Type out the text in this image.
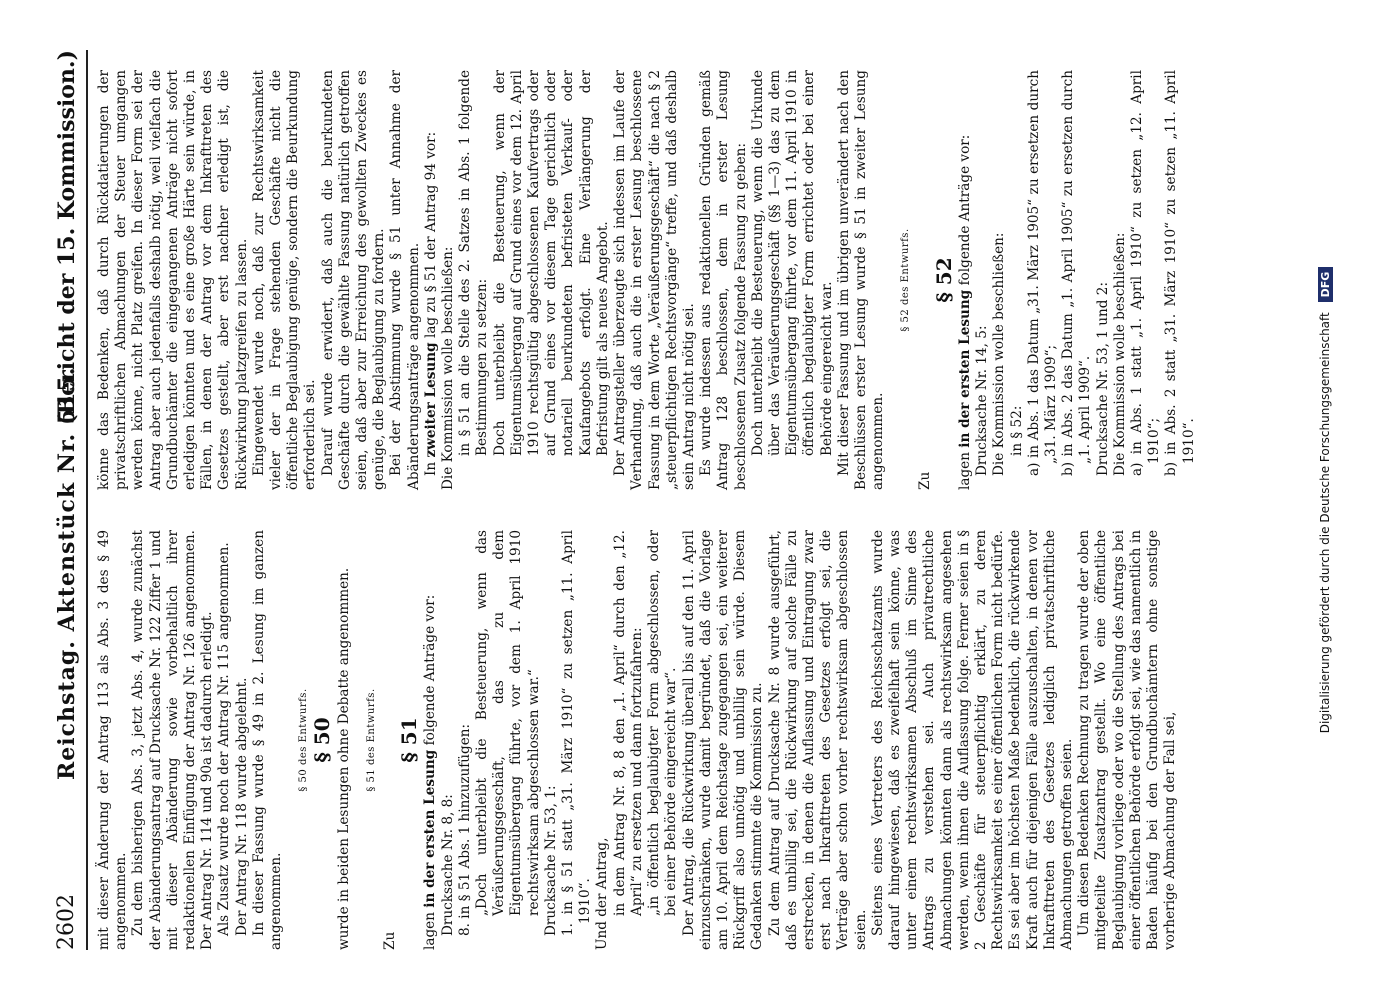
2602
Reichstag. Aktenstück Nr. 515.
(Bericht der 15. Kommission.)

mit dieser Änderung der Antrag 113 als Abs. 3 des § 49 angenommen. Zu dem bisherigen Abs. 3, jetzt Abs. 4, wurde zunächst der Abänderungsantrag auf Drucksache Nr. 122 Ziffer 1 und mit dieser Abänderung sowie vorbehaltlich ihrer redaktionellen Einfügung der Antrag Nr. 126 angenommen. Der Antrag Nr. 114 und 90a ist dadurch erledigt. Als Zusatz wurde noch der Antrag Nr. 115 angenommen. Der Antrag Nr. 118 wurde abgelehnt. In dieser Fassung wurde § 49 in 2. Lesung im ganzen angenommen.

§ 50 des Entwurfs. § 50 wurde in beiden Lesungen ohne Debatte angenommen.	§ 51 des Entwurfs.

Zu

§ 51

lagen in der ersten Lesung folgende Anträge vor:

Drucksache Nr. 8, 8: 8. in § 51 Abs. 1 hinzuzufügen: „Doch unterbleibt die Besteuerung, wenn das Veräußerungsgeschäft, das zu dem Eigentumsübergang führte, vor dem 1. April 1910 rechtswirksam abgeschlossen war.“ Drucksache Nr. 53, 1: 1. in § 51 statt „31. März 1910“ zu setzen „11. April 1910“. Und der Antrag, in dem Antrag Nr. 8, 8 den „1. April“ durch den „12. April“ zu ersetzen und dann fortzufahren: „in öffentlich beglaubigter Form abgeschlossen, oder bei einer Behörde eingereicht war“. Der Antrag, die Rückwirkung überall bis auf den 11. April einzuschränken, wurde damit begründet, daß die Vorlage am 10. April dem Reichstage zugegangen sei, ein weiterer Rückgriff also unnötig und unbillig sein würde. Diesem Gedanken stimmte die Kommission zu. Zu dem Antrag auf Drucksache Nr. 8 wurde ausgeführt, daß es unbillig sei, die Rückwirkung auf solche Fälle zu erstrecken, in denen die Auflassung und Eintragung zwar erst nach Inkrafttreten des Gesetzes erfolgt sei, die Verträge aber schon vorher rechtswirksam abgeschlossen seien. Seitens eines Vertreters des Reichsschatzamts wurde darauf hingewiesen, daß es zweifelhaft sein könne, was unter einem rechtswirksamen Abschluß im Sinne des Antrags zu verstehen sei. Auch privatrechtliche Abmachungen könnten dann als rechtswirksam angesehen werden, wenn ihnen die Auflassung folge. Ferner seien in § 2 Geschäfte für steuerpflichtig erklärt, zu deren Rechtswirksamkeit es einer öffentlichen Form nicht bedürfe. Es sei aber im höchsten Maße bedenklich, die rückwirkende Kraft auch für diejenigen Fälle auszuschalten, in denen vor Inkrafttreten des Gesetzes lediglich privatschriftliche Abmachungen getroffen seien. Um diesen Bedenken Rechnung zu tragen wurde der oben mitgeteilte Zusatzantrag gestellt. Wo eine öffentliche Beglaubigung vorliege oder wo die Stellung des Antrags bei einer öffentlichen Behörde erfolgt sei, wie das namentlich in Baden häufig bei den Grundbuchämtern ohne sonstige vorherige Abmachung der Fall sei,

könne das Bedenken, daß durch Rückdatierungen der privatschriftlichen Abmachungen der Steuer umgangen werden könne, nicht Platz greifen. In dieser Form sei der Antrag aber auch jedenfalls deshalb nötig, weil vielfach die Grundbuchämter die eingegangenen Anträge nicht sofort erledigen könnten und es eine große Härte sein würde, in Fällen, in denen der Antrag vor dem Inkrafttreten des Gesetzes gestellt, aber erst nachher erledigt ist, die Rückwirkung platzgreifen zu lassen. Eingewendet wurde noch, daß zur Rechtswirksamkeit vieler der in Frage stehenden Geschäfte nicht die öffentliche Beglaubigung genüge, sondern die Beurkundung erforderlich sei. Darauf wurde erwidert, daß auch die beurkundeten Geschäfte durch die gewählte Fassung natürlich getroffen seien, daß aber zur Erreichung des gewollten Zweckes es genüge, die Beglaubigung zu fordern. Bei der Abstimmung wurde § 51 unter Annahme der Abänderungsanträge angenommen. In zweiter Lesung lag zu § 51 der Antrag 94 vor:

Die Kommission wolle beschließen: in § 51 an die Stelle des 2. Satzes in Abs. 1 folgende Bestimmungen zu setzen: Doch unterbleibt die Besteuerung, wenn der Eigentumsübergang auf Grund eines vor dem 12. April 1910 rechtsgültig abgeschlossenen Kaufvertrags oder auf Grund eines vor diesem Tage gerichtlich oder notariell beurkundeten befristeten Verkauf- oder Kaufangebots erfolgt. Eine Verlängerung der Befristung gilt als neues Angebot. Der Antragsteller überzeugte sich indessen im Laufe der Verhandlung, daß auch die in erster Lesung beschlossene Fassung in dem Worte „Veräußerungsgeschäft“ die nach § 2 „steuerpflichtigen Rechtsvorgänge“ treffe, und daß deshalb sein Antrag nicht nötig sei. Es wurde indessen aus redaktionellen Gründen gemäß Antrag 128 beschlossen, dem in erster Lesung beschlossenen Zusatz folgende Fassung zu geben: Doch unterbleibt die Besteuerung, wenn die Urkunde über das Veräußerungsgeschäft (§§ 1—3) das zu dem Eigentumsübergang führte, vor dem 11. April 1910 in öffentlich beglaubigter Form errichtet oder bei einer Behörde eingereicht war. Mit dieser Fassung und im übrigen unverändert nach den Beschlüssen erster Lesung wurde § 51 in zweiter Lesung angenommen.

§ 52 des Entwurfs.

Zu

§ 52

lagen in der ersten Lesung folgende Anträge vor:

Drucksache Nr. 14, 5: Die Kommission wolle beschließen: in § 52: a) in Abs. 1 das Datum „31. März 1905“ zu ersetzen durch „31. März 1909“; b) in Abs. 2 das Datum „1. April 1905“ zu ersetzen durch „1. April 1909“. Drucksache Nr. 53, 1 und 2: Die Kommission wolle beschließen: a) in Abs. 1 statt „1. April 1910“ zu setzen „12. April 1910“; b) in Abs. 2 statt „31. März 1910“ zu setzen „11. April 1910“.	Digitalisierung gefördert durch die Deutsche Forschungsgemeinschaft DFG
